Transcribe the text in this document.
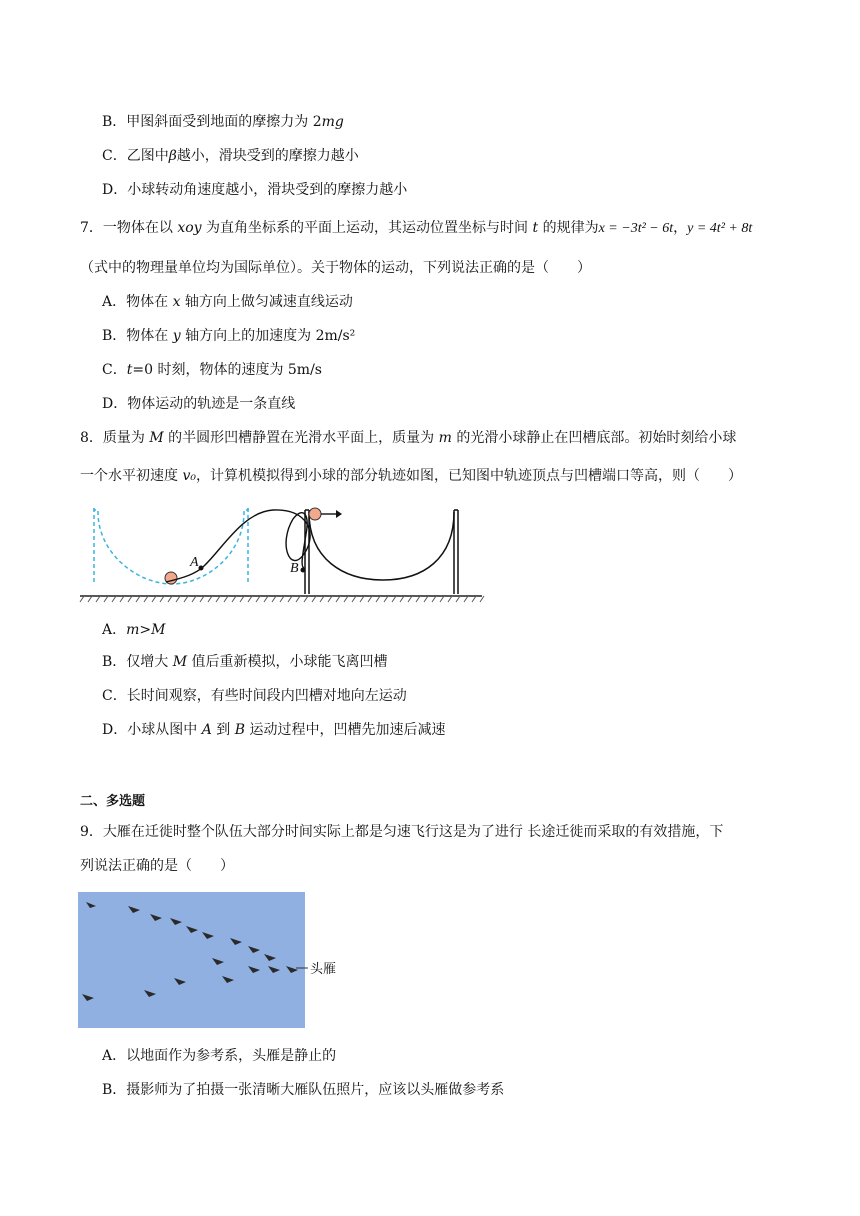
B．甲图斜面受到地面的摩擦力为 2mg
C．乙图中β越小，滑块受到的摩擦力越小
D．小球转动角速度越小，滑块受到的摩擦力越小
7．一物体在以 xoy 为直角坐标系的平面上运动，其运动位置坐标与时间 t 的规律为x = −3t² − 6t，y = 4t² + 8t
（式中的物理量单位均为国际单位）。关于物体的运动，下列说法正确的是（　　）
A．物体在 x 轴方向上做匀减速直线运动
B．物体在 y 轴方向上的加速度为 2m/s²
C．t=0 时刻，物体的速度为 5m/s
D．物体运动的轨迹是一条直线
8．质量为 M 的半圆形凹槽静置在光滑水平面上，质量为 m 的光滑小球静止在凹槽底部。初始时刻给小球
一个水平初速度 v₀，计算机模拟得到小球的部分轨迹如图，已知图中轨迹顶点与凹槽端口等高，则（　　）
A	B
A．m>M
B．仅增大 M 值后重新模拟，小球能飞离凹槽
C．长时间观察，有些时间段内凹槽对地向左运动
D．小球从图中 A 到 B 运动过程中，凹槽先加速后减速
二、多选题
9．大雁在迁徙时整个队伍大部分时间实际上都是匀速飞行这是为了进行 长途迁徙而采取的有效措施，下
列说法正确的是（　　）
头雁
A．以地面作为参考系，头雁是静止的
B．摄影师为了拍摄一张清晰大雁队伍照片，应该以头雁做参考系
